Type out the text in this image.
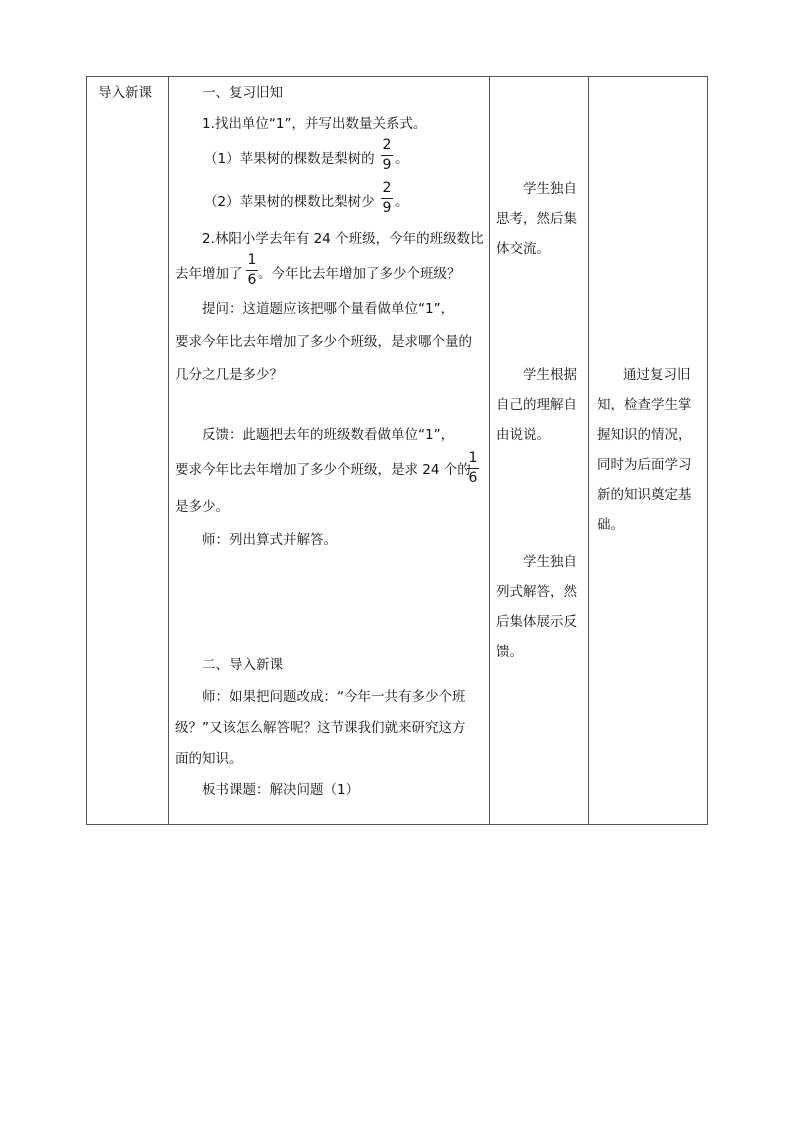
导入新课	一、复习旧知
1.找出单位“1”，并写出数量关系式。
（1）苹果树的棵数是梨树的
2
9 。
（2）苹果树的棵数比梨树少
2
9 。
2.林阳小学去年有 24 个班级，今年的班级数比
去年增加了
1
6 。今年比去年增加了多少个班级？
提问：这道题应该把哪个量看做单位“1”，
要求今年比去年增加了多少个班级，是求哪个量的
几分之几是多少？
反馈：此题把去年的班级数看做单位“1”，
要求今年比去年增加了多少个班级，是求 24 个的
1
6
是多少。
师：列出算式并解答。
二、导入新课
师：如果把问题改成：“今年一共有多少个班
级？”又该怎么解答呢？这节课我们就来研究这方
面的知识。
板书课题：解决问题（1）
学生独自
思考，然后集
体交流。
学生根据
自己的理解自
由说说。
学生独自
列式解答，然
后集体展示反
馈。
通过复习旧
知，检查学生掌
握知识的情况，
同时为后面学习
新的知识奠定基
础。
